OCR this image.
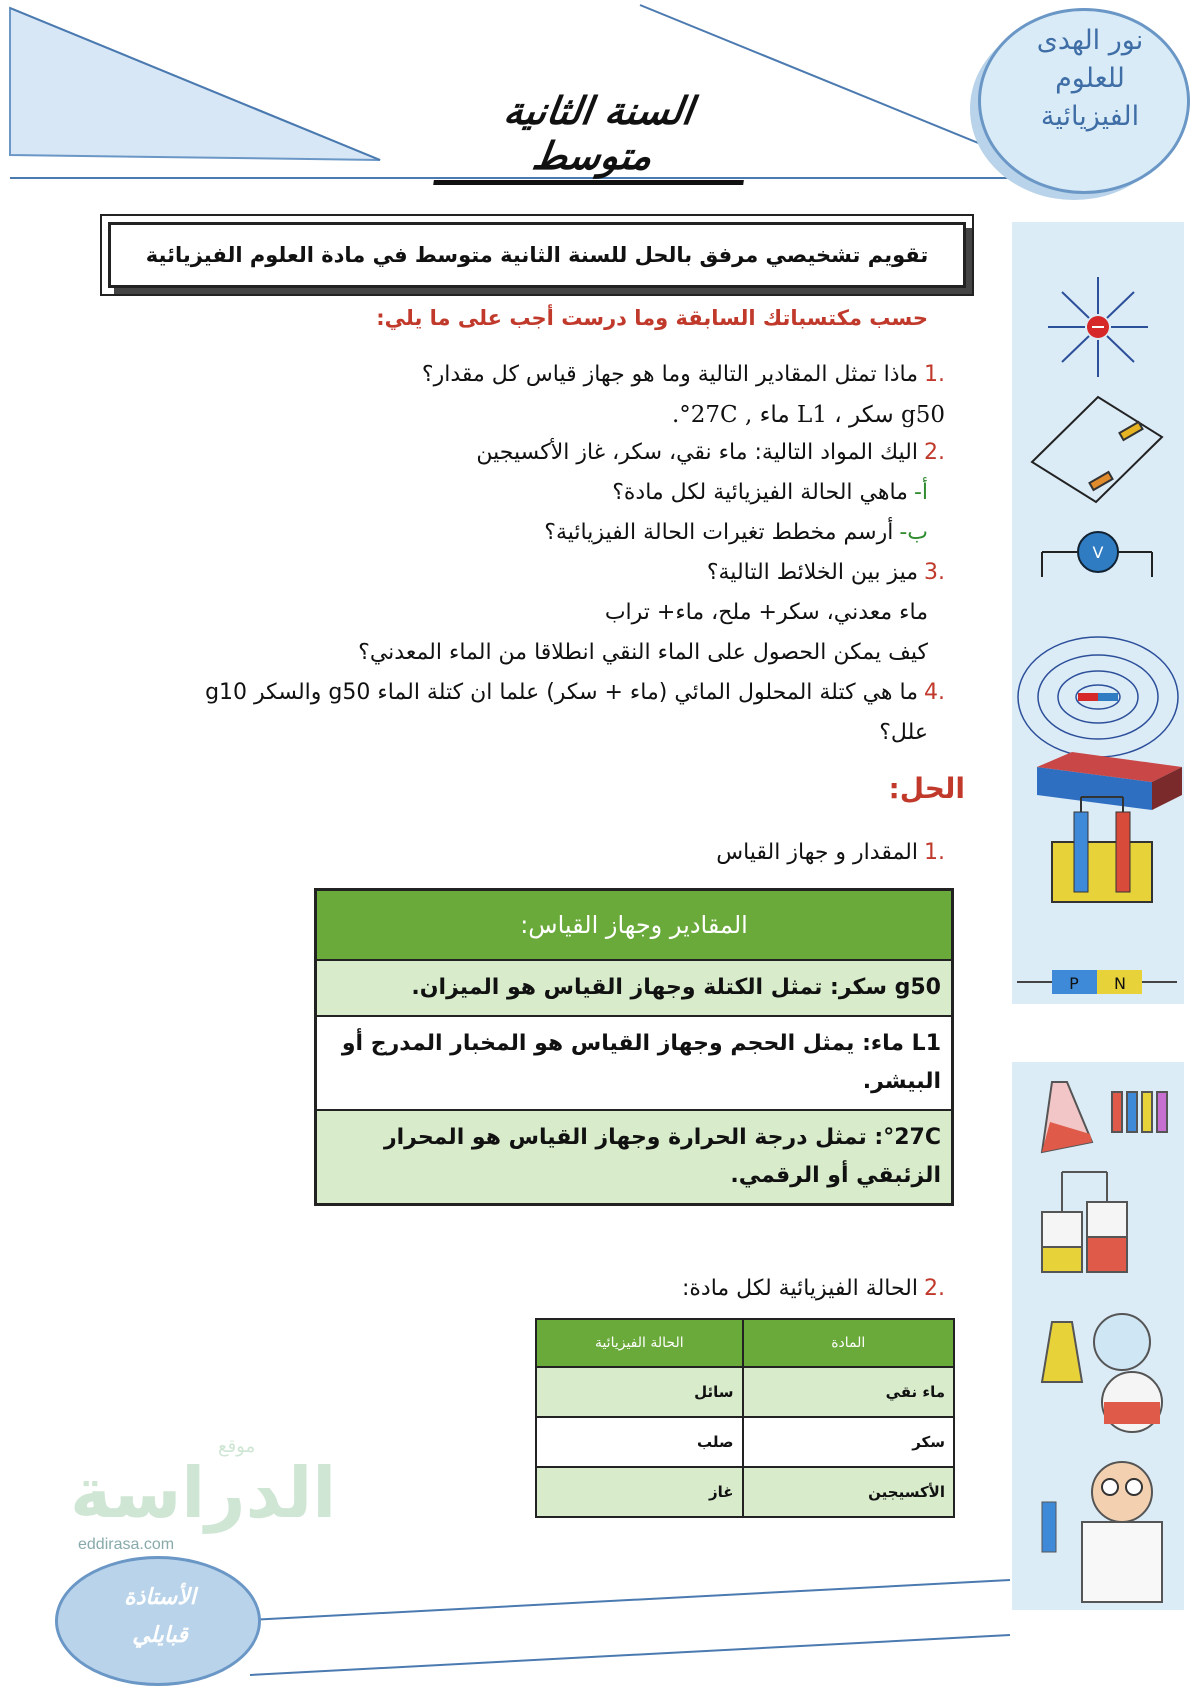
السنة الثانية متوسط
نور الهدى
للعلوم
الفيزيائية
V
P N
تقويم تشخيصي مرفق بالحل للسنة الثانية متوسط في مادة العلوم الفيزيائية
حسب مكتسباتك السابقة وما درست أجب على ما يلي:
.1ماذا تمثل المقادير التالية وما هو جهاز قياس كل مقدار؟
g50 سكر ، L1 ماء , 27C°.
.2اليك المواد التالية: ماء نقي، سكر، غاز الأكسيجين
أ-ماهي الحالة الفيزيائية لكل مادة؟
ب-أرسم مخطط تغيرات الحالة الفيزيائية؟
.3ميز بين الخلائط التالية؟
ماء معدني، سكر+ ملح، ماء+ تراب
كيف يمكن الحصول على الماء النقي انطلاقا من الماء المعدني؟
.4ما هي كتلة المحلول المائي (ماء + سكر) علما ان كتلة الماء g50 والسكر g10
علل؟
الحل:
.1المقدار و جهاز القياس
المقادير وجهاز القياس:
g50 سكر: تمثل الكتلة وجهاز القياس هو الميزان.
L1 ماء: يمثل الحجم وجهاز القياس هو المخبار المدرج أو البيشر.
27C°: تمثل درجة الحرارة وجهاز القياس هو المحرار الزئبقي أو الرقمي.
.2الحالة الفيزيائية لكل مادة:
المادة	الحالة الفيزيائية
ماء نقي	سائل
سكر	صلب
الأكسيجين	غاز
موقع
الدراسة
eddirasa.com
الأستاذة
قبايلي
